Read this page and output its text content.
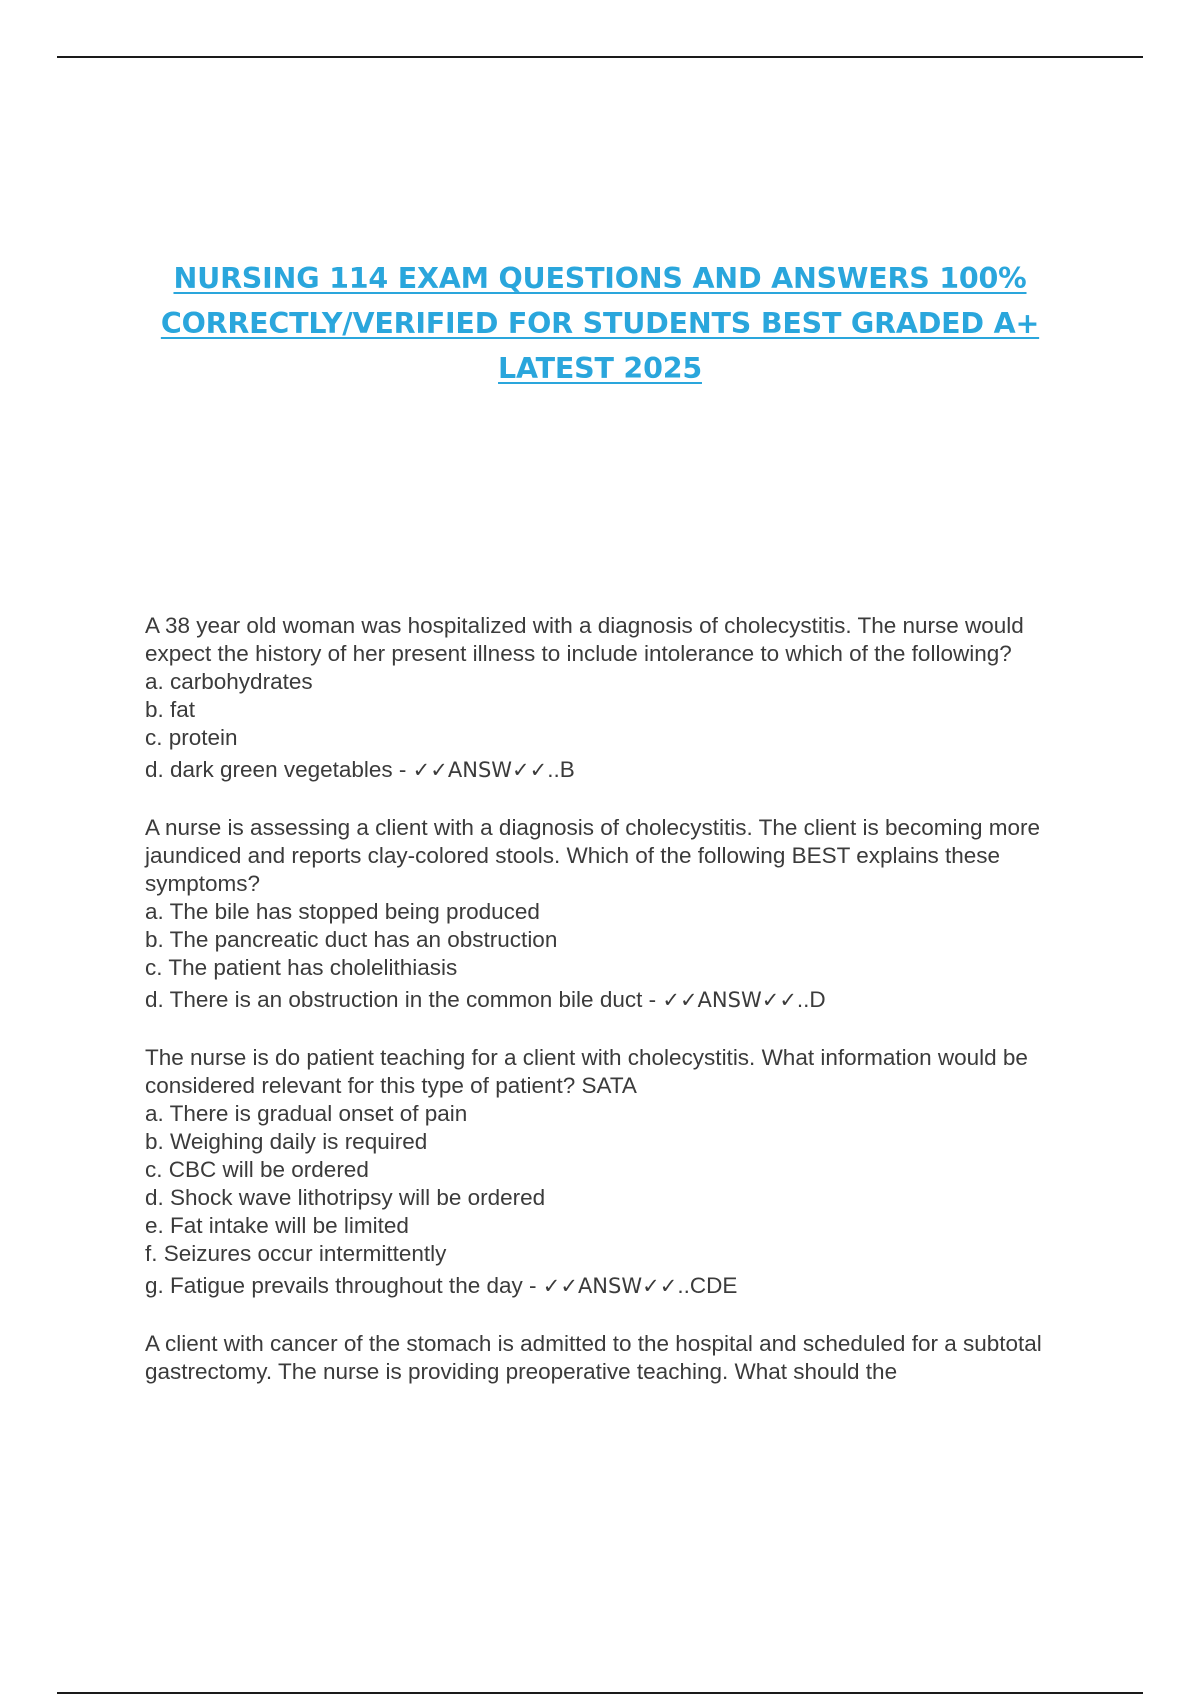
NURSING 114 EXAM QUESTIONS AND ANSWERS 100%
CORRECTLY/VERIFIED FOR STUDENTS BEST GRADED A+
LATEST 2025

A 38 year old woman was hospitalized with a diagnosis of cholecystitis. The nurse would expect the history of her present illness to include intolerance to which of the following?

a. carbohydrates

b. fat

c. protein

d. dark green vegetables - ✓✓ANSW✓✓..B

A nurse is assessing a client with a diagnosis of cholecystitis. The client is becoming more jaundiced and reports clay-colored stools. Which of the following BEST explains these symptoms?

a. The bile has stopped being produced

b. The pancreatic duct has an obstruction

c. The patient has cholelithiasis

d. There is an obstruction in the common bile duct - ✓✓ANSW✓✓..D

The nurse is do patient teaching for a client with cholecystitis. What information would be considered relevant for this type of patient? SATA

a. There is gradual onset of pain

b. Weighing daily is required

c. CBC will be ordered

d. Shock wave lithotripsy will be ordered

e. Fat intake will be limited

f. Seizures occur intermittently

g. Fatigue prevails throughout the day - ✓✓ANSW✓✓..CDE

A client with cancer of the stomach is admitted to the hospital and scheduled for a subtotal gastrectomy. The nurse is providing preoperative teaching. What should the
